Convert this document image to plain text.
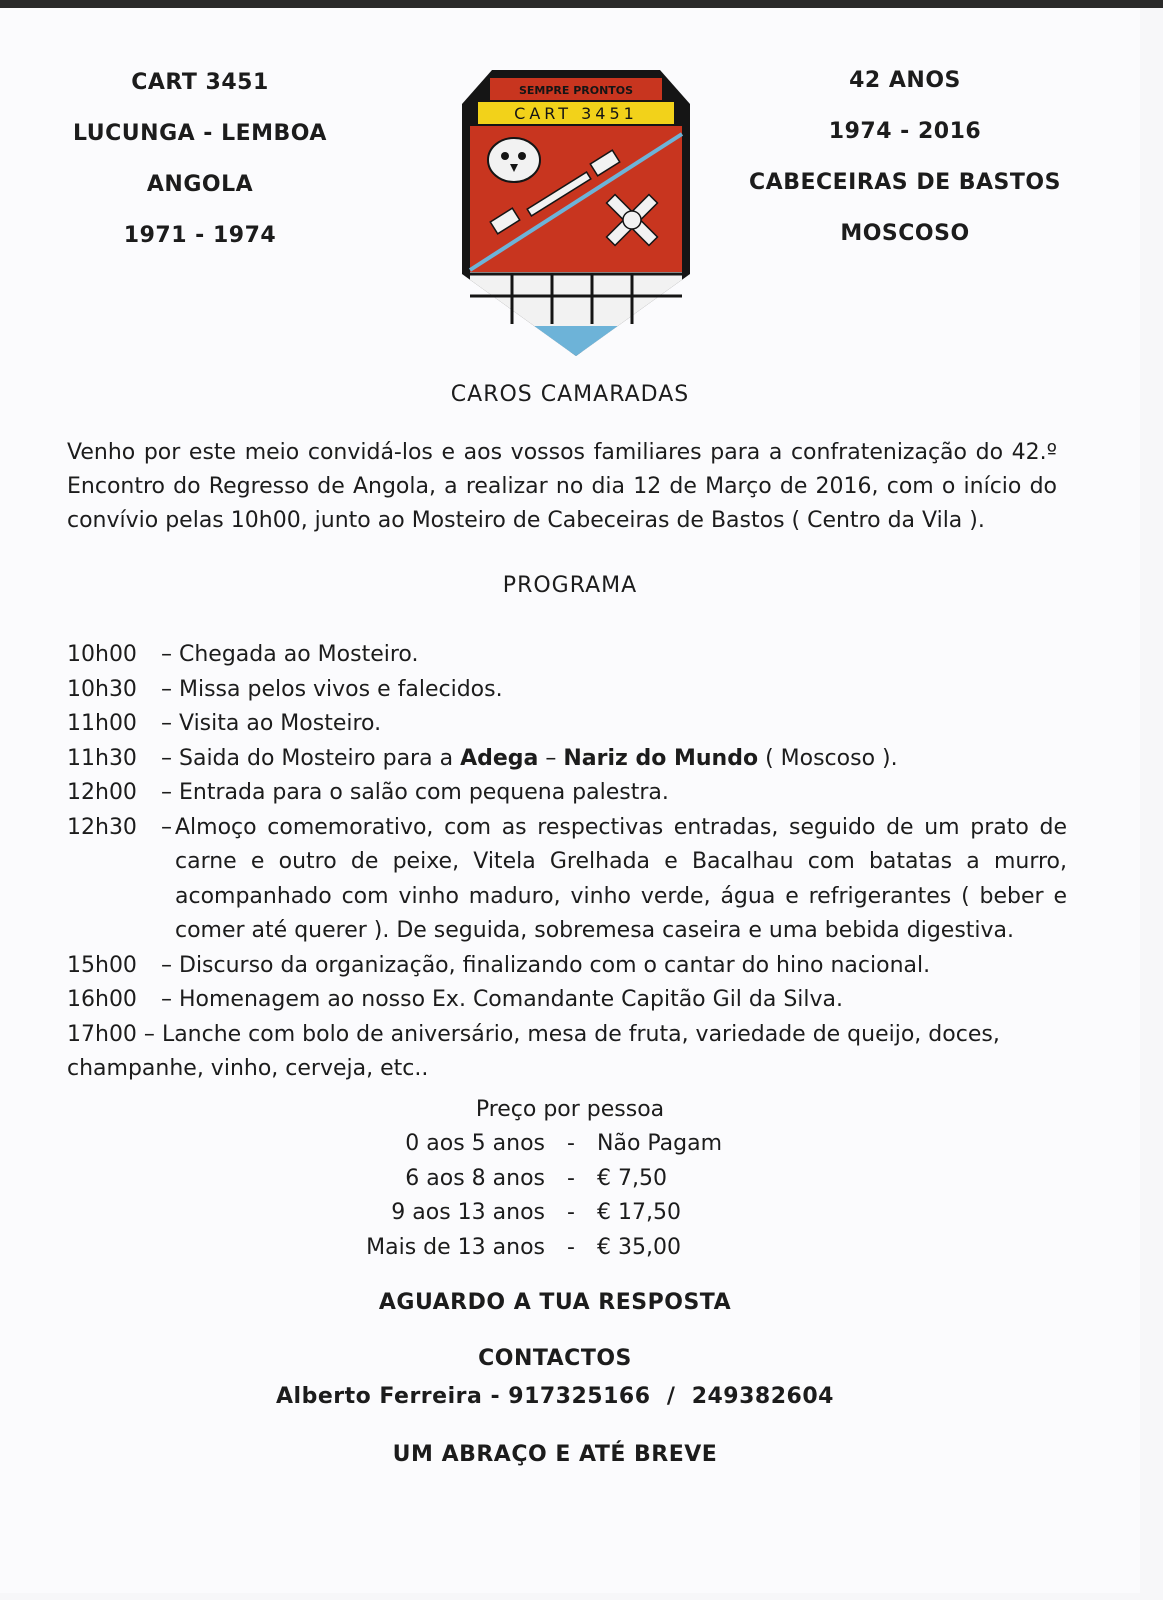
CART 3451
LUCUNGA - LEMBOA
ANGOLA
1971 - 1974
SEMPRE PRONTOS
CART 3451
42 ANOS
1974 - 2016
CABECEIRAS DE BASTOS
MOSCOSO
CAROS CAMARADAS
Venho por este meio convidá-los e aos vossos familiares para a confratenização do 42.º Encontro do Regresso de Angola, a realizar no dia 12 de Março de 2016, com o início do convívio pelas 10h00, junto ao Mosteiro de Cabeceiras de Bastos ( Centro da Vila ).
PROGRAMA
10h00	– Chegada ao Mosteiro.
10h30	– Missa pelos vivos e falecidos.
11h00	– Visita ao Mosteiro.
11h30	– Saida do Mosteiro para a Adega – Nariz do Mundo ( Moscoso ).
12h00	– Entrada para o salão com pequena palestra.
12h30	– Almoço comemorativo, com as respectivas entradas, seguido de um prato de carne e outro de peixe, Vitela Grelhada e Bacalhau com batatas a murro, acompanhado com vinho maduro, vinho verde, água e refrigerantes ( beber e comer até querer ). De seguida, sobremesa caseira e uma bebida digestiva.
15h00	– Discurso da organização, finalizando com o cantar do hino nacional.
16h00	– Homenagem ao nosso Ex. Comandante Capitão Gil da Silva.
17h00 – Lanche com bolo de aniversário, mesa de fruta, variedade de queijo, doces, champanhe, vinho, cerveja, etc..
Preço por pessoa
0 aos 5 anos	-	Não Pagam
6 aos 8 anos	-	€ 7,50
9 aos 13 anos	-	€ 17,50
Mais de 13 anos	-	€ 35,00
AGUARDO A TUA RESPOSTA
CONTACTOS
Alberto Ferreira - 917325166  /  249382604
UM ABRAÇO E ATÉ BREVE
